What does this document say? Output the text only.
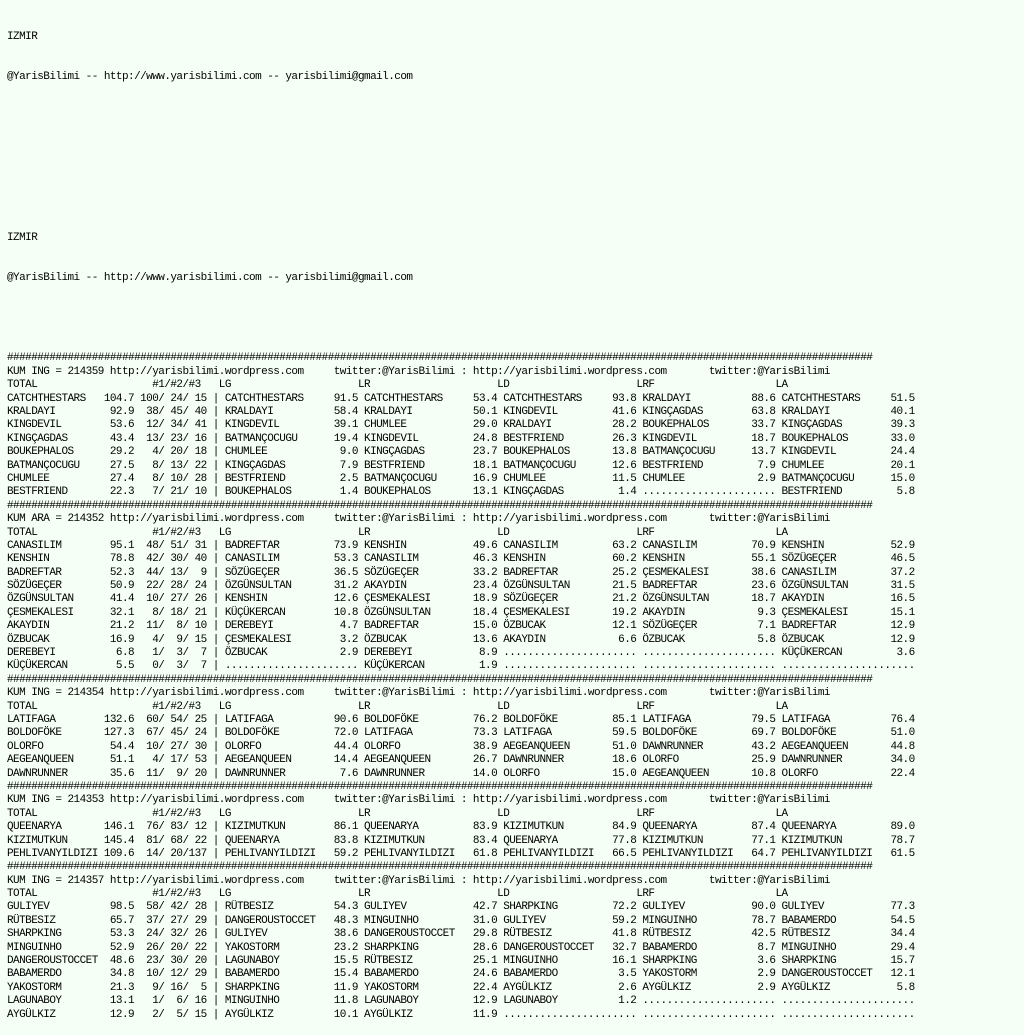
IZMIR

@YarisBilimi -- http://www.yarisbilimi.com -- yarisbilimi@gmail.com

IZMIR

@YarisBilimi -- http://www.yarisbilimi.com -- yarisbilimi@gmail.com

###############################################################################################################################################
KUM ING = 214359 http://yarisbilimi.wordpress.com     twitter:@YarisBilimi : http://yarisbilimi.wordpress.com       twitter:@YarisBilimi
TOTAL                   #1/#2/#3   LG                     LR                     LD                     LRF                    LA
CATCHTHESTARS   104.7 100/ 24/ 15 | CATCHTHESTARS     91.5 CATCHTHESTARS     53.4 CATCHTHESTARS     93.8 KRALDAYI          88.6 CATCHTHESTARS     51.5
KRALDAYI         92.9  38/ 45/ 40 | KRALDAYI          58.4 KRALDAYI          50.1 KINGDEVIL         41.6 KINGÇAGDAS        63.8 KRALDAYI          40.1
KINGDEVIL        53.6  12/ 34/ 41 | KINGDEVIL         39.1 CHUMLEE           29.0 KRALDAYI          28.2 BOUKEPHALOS       33.7 KINGÇAGDAS        39.3
KINGÇAGDAS       43.4  13/ 23/ 16 | BATMANÇOCUGU      19.4 KINGDEVIL         24.8 BESTFRIEND        26.3 KINGDEVIL         18.7 BOUKEPHALOS       33.0
BOUKEPHALOS      29.2   4/ 20/ 18 | CHUMLEE            9.0 KINGÇAGDAS        23.7 BOUKEPHALOS       13.8 BATMANÇOCUGU      13.7 KINGDEVIL         24.4
BATMANÇOCUGU     27.5   8/ 13/ 22 | KINGÇAGDAS         7.9 BESTFRIEND        18.1 BATMANÇOCUGU      12.6 BESTFRIEND         7.9 CHUMLEE           20.1
CHUMLEE          27.4   8/ 10/ 28 | BESTFRIEND         2.5 BATMANÇOCUGU      16.9 CHUMLEE           11.5 CHUMLEE            2.9 BATMANÇOCUGU      15.0
BESTFRIEND       22.3   7/ 21/ 10 | BOUKEPHALOS        1.4 BOUKEPHALOS       13.1 KINGÇAGDAS         1.4 ...................... BESTFRIEND         5.8
###############################################################################################################################################
KUM ARA = 214352 http://yarisbilimi.wordpress.com     twitter:@YarisBilimi : http://yarisbilimi.wordpress.com       twitter:@YarisBilimi
TOTAL                   #1/#2/#3   LG                     LR                     LD                     LRF                    LA
CANASILIM        95.1  48/ 51/ 31 | BADREFTAR         73.9 KENSHIN           49.6 CANASILIM         63.2 CANASILIM         70.9 KENSHIN           52.9
KENSHIN          78.8  42/ 30/ 40 | CANASILIM         53.3 CANASILIM         46.3 KENSHIN           60.2 KENSHIN           55.1 SÖZÜGEÇER         46.5
BADREFTAR        52.3  44/ 13/  9 | SÖZÜGEÇER         36.5 SÖZÜGEÇER         33.2 BADREFTAR         25.2 ÇESMEKALESI       38.6 CANASILIM         37.2
SÖZÜGEÇER        50.9  22/ 28/ 24 | ÖZGÜNSULTAN       31.2 AKAYDIN           23.4 ÖZGÜNSULTAN       21.5 BADREFTAR         23.6 ÖZGÜNSULTAN       31.5
ÖZGÜNSULTAN      41.4  10/ 27/ 26 | KENSHIN           12.6 ÇESMEKALESI       18.9 SÖZÜGEÇER         21.2 ÖZGÜNSULTAN       18.7 AKAYDIN           16.5
ÇESMEKALESI      32.1   8/ 18/ 21 | KÜÇÜKERCAN        10.8 ÖZGÜNSULTAN       18.4 ÇESMEKALESI       19.2 AKAYDIN            9.3 ÇESMEKALESI       15.1
AKAYDIN          21.2  11/  8/ 10 | DEREBEYI           4.7 BADREFTAR         15.0 ÖZBUCAK           12.1 SÖZÜGEÇER          7.1 BADREFTAR         12.9
ÖZBUCAK          16.9   4/  9/ 15 | ÇESMEKALESI        3.2 ÖZBUCAK           13.6 AKAYDIN            6.6 ÖZBUCAK            5.8 ÖZBUCAK           12.9
DEREBEYI          6.8   1/  3/  7 | ÖZBUCAK            2.9 DEREBEYI           8.9 ...................... ...................... KÜÇÜKERCAN         3.6
KÜÇÜKERCAN        5.5   0/  3/  7 | ...................... KÜÇÜKERCAN         1.9 ...................... ...................... ......................
###############################################################################################################################################
KUM ING = 214354 http://yarisbilimi.wordpress.com     twitter:@YarisBilimi : http://yarisbilimi.wordpress.com       twitter:@YarisBilimi
TOTAL                   #1/#2/#3   LG                     LR                     LD                     LRF                    LA
LATIFAGA        132.6  60/ 54/ 25 | LATIFAGA          90.6 BOLDOFÖKE         76.2 BOLDOFÖKE         85.1 LATIFAGA          79.5 LATIFAGA          76.4
BOLDOFÖKE       127.3  67/ 45/ 24 | BOLDOFÖKE         72.0 LATIFAGA          73.3 LATIFAGA          59.5 BOLDOFÖKE         69.7 BOLDOFÖKE         51.0
OLORFO           54.4  10/ 27/ 30 | OLORFO            44.4 OLORFO            38.9 AEGEANQUEEN       51.0 DAWNRUNNER        43.2 AEGEANQUEEN       44.8
AEGEANQUEEN      51.1   4/ 17/ 53 | AEGEANQUEEN       14.4 AEGEANQUEEN       26.7 DAWNRUNNER        18.6 OLORFO            25.9 DAWNRUNNER        34.0
DAWNRUNNER       35.6  11/  9/ 20 | DAWNRUNNER         7.6 DAWNRUNNER        14.0 OLORFO            15.0 AEGEANQUEEN       10.8 OLORFO            22.4
###############################################################################################################################################
KUM ING = 214353 http://yarisbilimi.wordpress.com     twitter:@YarisBilimi : http://yarisbilimi.wordpress.com       twitter:@YarisBilimi
TOTAL                   #1/#2/#3   LG                     LR                     LD                     LRF                    LA
QUEENARYA       146.1  76/ 83/ 12 | KIZIMUTKUN        86.1 QUEENARYA         83.9 KIZIMUTKUN        84.9 QUEENARYA         87.4 QUEENARYA         89.0
KIZIMUTKUN      145.4  81/ 68/ 22 | QUEENARYA         83.8 KIZIMUTKUN        83.4 QUEENARYA         77.8 KIZIMUTKUN        77.1 KIZIMUTKUN        78.7
PEHLIVANYILDIZI 109.6  14/ 20/137 | PEHLIVANYILDIZI   59.2 PEHLIVANYILDIZI   61.8 PEHLIVANYILDIZI   66.5 PEHLIVANYILDIZI   64.7 PEHLIVANYILDIZI   61.5
###############################################################################################################################################
KUM ING = 214357 http://yarisbilimi.wordpress.com     twitter:@YarisBilimi : http://yarisbilimi.wordpress.com       twitter:@YarisBilimi
TOTAL                   #1/#2/#3   LG                     LR                     LD                     LRF                    LA
GULIYEV          98.5  58/ 42/ 28 | RÜTBESIZ          54.3 GULIYEV           42.7 SHARPKING         72.2 GULIYEV           90.0 GULIYEV           77.3
RÜTBESIZ         65.7  37/ 27/ 29 | DANGEROUSTOCCET   48.3 MINGUINHO         31.0 GULIYEV           59.2 MINGUINHO         78.7 BABAMERDO         54.5
SHARPKING        53.3  24/ 32/ 26 | GULIYEV           38.6 DANGEROUSTOCCET   29.8 RÜTBESIZ          41.8 RÜTBESIZ          42.5 RÜTBESIZ          34.4
MINGUINHO        52.9  26/ 20/ 22 | YAKOSTORM         23.2 SHARPKING         28.6 DANGEROUSTOCCET   32.7 BABAMERDO          8.7 MINGUINHO         29.4
DANGEROUSTOCCET  48.6  23/ 30/ 20 | LAGUNABOY         15.5 RÜTBESIZ          25.1 MINGUINHO         16.1 SHARPKING          3.6 SHARPKING         15.7
BABAMERDO        34.8  10/ 12/ 29 | BABAMERDO         15.4 BABAMERDO         24.6 BABAMERDO          3.5 YAKOSTORM          2.9 DANGEROUSTOCCET   12.1
YAKOSTORM        21.3   9/ 16/  5 | SHARPKING         11.9 YAKOSTORM         22.4 AYGÜLKIZ           2.6 AYGÜLKIZ           2.9 AYGÜLKIZ           5.8
LAGUNABOY        13.1   1/  6/ 16 | MINGUINHO         11.8 LAGUNABOY         12.9 LAGUNABOY          1.2 ...................... ......................
AYGÜLKIZ         12.9   2/  5/ 15 | AYGÜLKIZ          10.1 AYGÜLKIZ          11.9 ...................... ...................... ......................
